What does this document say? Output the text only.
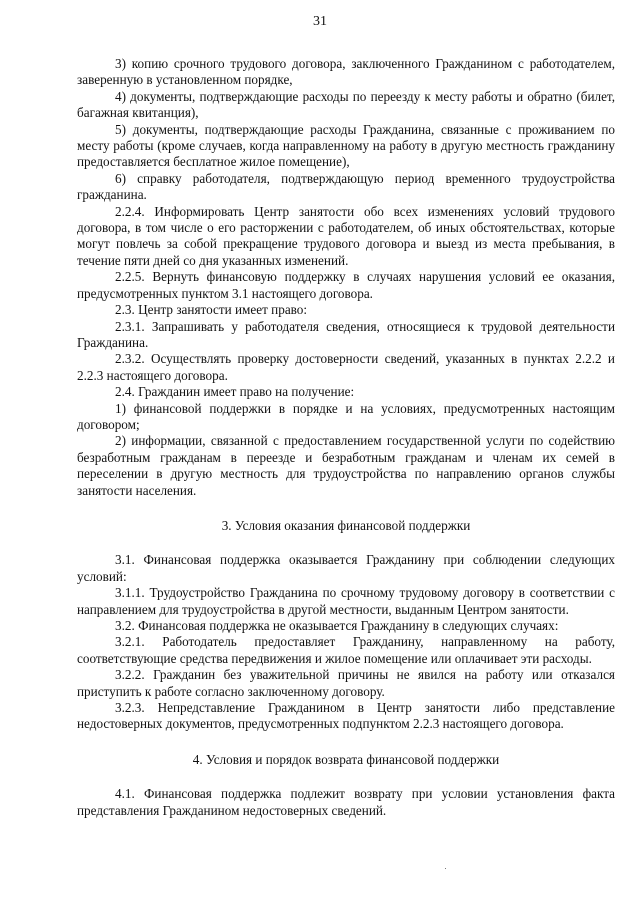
31

3) копию срочного трудового договора, заключенного Гражданином с работодателем, заверенную в установленном порядке,

4) документы, подтверждающие расходы по переезду к месту работы и обратно (билет, багажная квитанция),

5) документы, подтверждающие расходы Гражданина, связанные с проживанием по месту работы (кроме случаев, когда направленному на работу в другую местность гражданину предоставляется бесплатное жилое помещение),

6) справку работодателя, подтверждающую период временного трудоустройства гражданина.

2.2.4. Информировать Центр занятости обо всех изменениях условий трудового договора, в том числе о его расторжении с работодателем, об иных обстоятельствах, которые могут повлечь за собой прекращение трудового договора и выезд из места пребывания, в течение пяти дней со дня указанных изменений.

2.2.5. Вернуть финансовую поддержку в случаях нарушения условий ее оказания, предусмотренных пунктом 3.1 настоящего договора.

2.3. Центр занятости имеет право:

2.3.1. Запрашивать у работодателя сведения, относящиеся к трудовой деятельности Гражданина.

2.3.2. Осуществлять проверку достоверности сведений, указанных в пунктах 2.2.2 и 2.2.3 настоящего договора.

2.4. Гражданин имеет право на получение:

1) финансовой поддержки в порядке и на условиях, предусмотренных настоящим договором;

2) информации, связанной с предоставлением государственной услуги по содействию безработным гражданам в переезде и безработным гражданам и членам их семей в переселении в другую местность для трудоустройства по направлению органов службы занятости населения.

3. Условия оказания финансовой поддержки

3.1. Финансовая поддержка оказывается Гражданину при соблюдении следующих условий:

3.1.1. Трудоустройство Гражданина по срочному трудовому договору в соответствии с направлением для трудоустройства в другой местности, выданным Центром занятости.

3.2. Финансовая поддержка не оказывается Гражданину в следующих случаях:

3.2.1. Работодатель предоставляет Гражданину, направленному на работу, соответствующие средства передвижения и жилое помещение или оплачивает эти расходы.

3.2.2. Гражданин без уважительной причины не явился на работу или отказался приступить к работе согласно заключенному договору.

3.2.3. Непредставление Гражданином в Центр занятости либо представление недостоверных документов, предусмотренных подпунктом 2.2.3 настоящего договора.

4. Условия и порядок возврата финансовой поддержки

4.1. Финансовая поддержка подлежит возврату при условии установления факта представления Гражданином недостоверных сведений.
